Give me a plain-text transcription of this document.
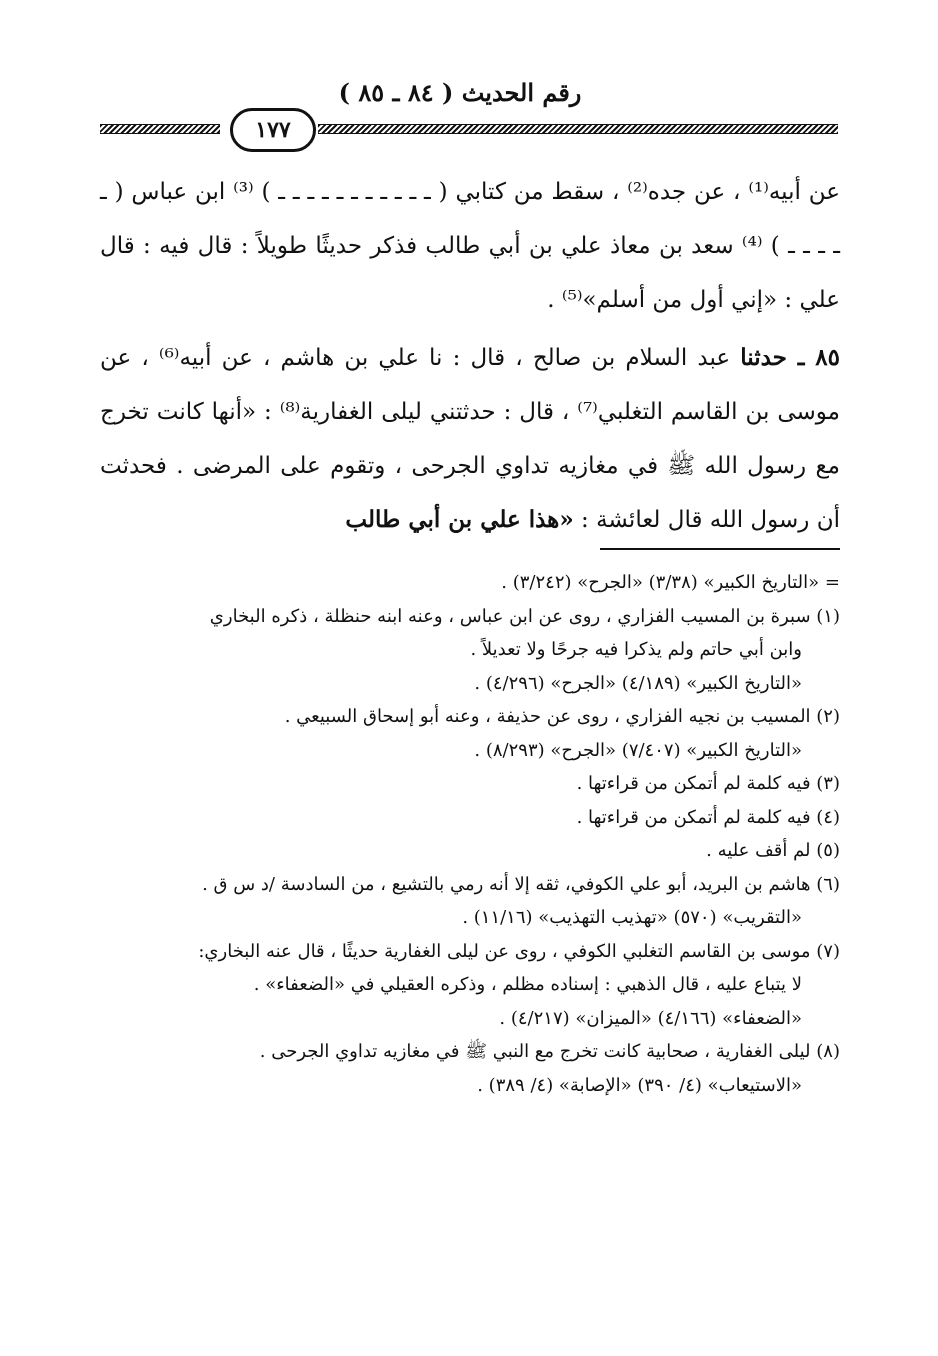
رقم الحديث ( ٨٤ ـ ٨٥ )
١٧٧

عن أبيه⁽¹⁾ ، عن جده⁽²⁾ ، سقط من كتابي ( ـ ـ ـ ـ ـ ـ ـ ـ ـ ـ ـ ) ⁽³⁾ ابن عباس ( ـ ـ ـ ـ ـ ) ⁽⁴⁾ سعد بن معاذ علي بن أبي طالب فذكر حديثًا طويلاً : قال فيه : قال علي : «إني أول من أسلم»⁽⁵⁾ .

٨٥ ـ حدثنا عبد السلام بن صالح ، قال : نا علي بن هاشم ، عن أبيه⁽⁶⁾ ، عن موسى بن القاسم التغلبي⁽⁷⁾ ، قال : حدثتني ليلى الغفارية⁽⁸⁾ : «أنها كانت تخرج مع رسول الله ﷺ في مغازيه تداوي الجرحى ، وتقوم على المرضى . فحدثت أن رسول الله قال لعائشة : «هذا علي بن أبي طالب

= «التاريخ الكبير» (٣/٣٨) «الجرح» (٣/٢٤٢) .
(١) سبرة بن المسيب الفزاري ، روى عن ابن عباس ، وعنه ابنه حنظلة ، ذكره البخاري
وابن أبي حاتم ولم يذكرا فيه جرحًا ولا تعديلاً .
«التاريخ الكبير» (٤/١٨٩) «الجرح» (٤/٢٩٦) .
(٢) المسيب بن نجيه الفزاري ، روى عن حذيفة ، وعنه أبو إسحاق السبيعي .
«التاريخ الكبير» (٧/٤٠٧) «الجرح» (٨/٢٩٣) .
(٣) فيه كلمة لم أتمكن من قراءتها .
(٤) فيه كلمة لم أتمكن من قراءتها .
(٥) لم أقف عليه .
(٦) هاشم بن البريد، أبو علي الكوفي، ثقه إلا أنه رمي بالتشيع ، من السادسة /د س ق .
«التقريب» (٥٧٠) «تهذيب التهذيب» (١١/١٦) .
(٧) موسى بن القاسم التغلبي الكوفي ، روى عن ليلى الغفارية حديثًا ، قال عنه البخاري:
لا يتباع عليه ، قال الذهبي : إسناده مظلم ، وذكره العقيلي في «الضعفاء» .
«الضعفاء» (٤/١٦٦) «الميزان» (٤/٢١٧) .
(٨) ليلى الغفارية ، صحابية كانت تخرج مع النبي ﷺ في مغازيه تداوي الجرحى .
«الاستيعاب» (٤/ ٣٩٠) «الإصابة» (٤/ ٣٨٩) .
